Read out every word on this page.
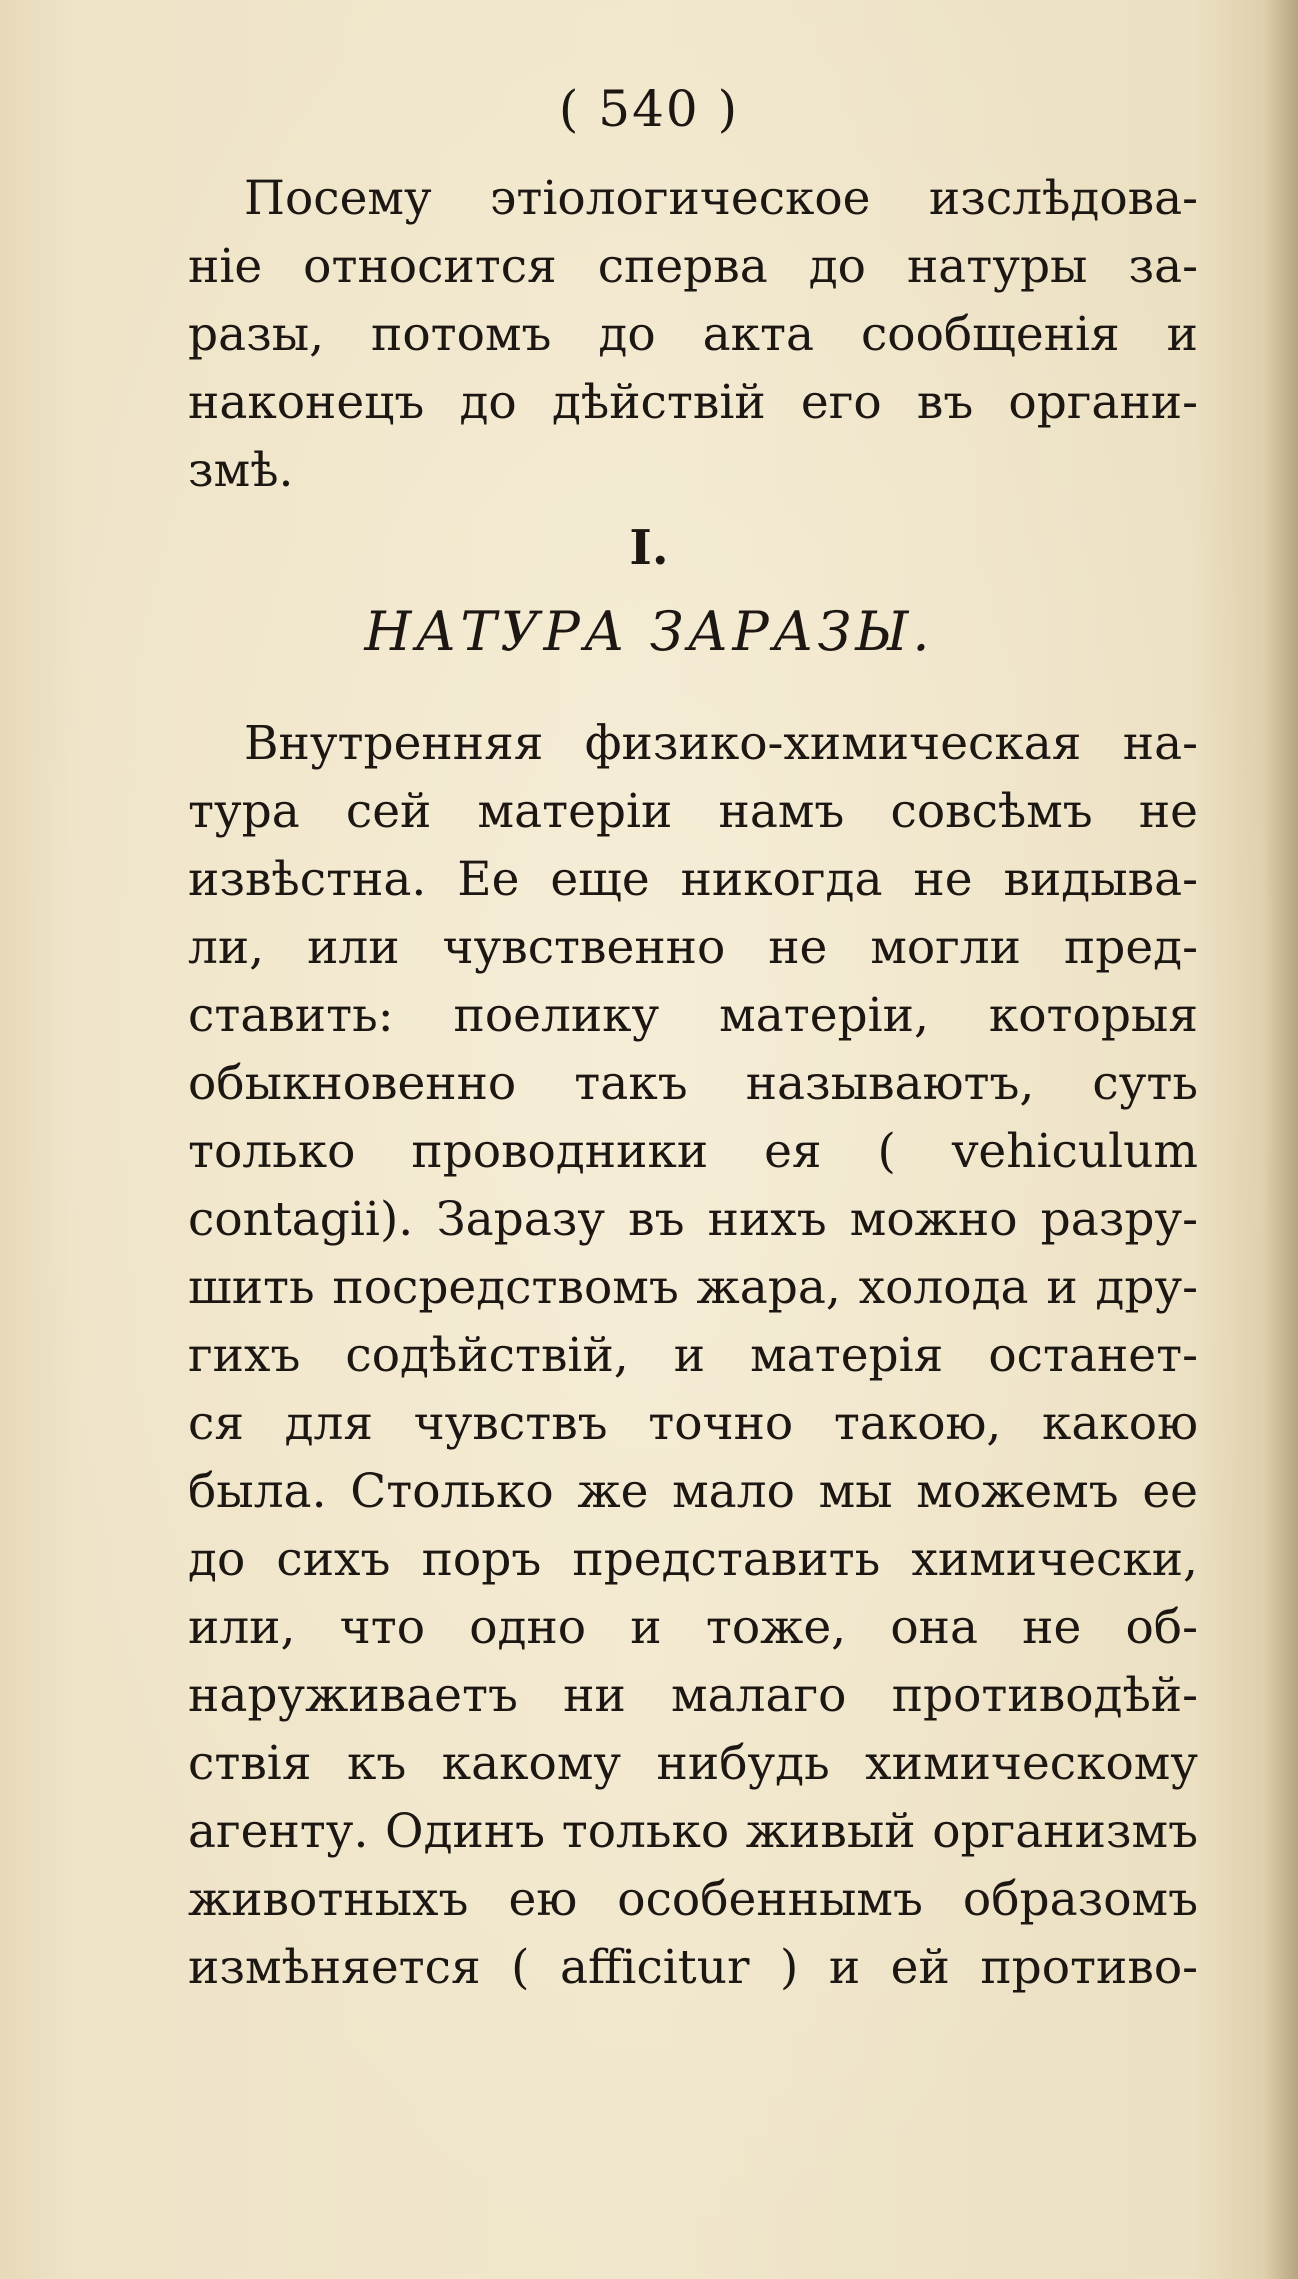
( 540 )
Посему этіологическое изслѣдова-
ніе относится сперва до натуры за-
разы, потомъ до акта сообщенія и
наконецъ до дѣйствій его въ органи-
змѣ.
I.
НАТУРА ЗАРАЗЫ.
Внутренняя физико-химическая на-
тура сей матеріи намъ совсѣмъ не
извѣстна. Ее еще никогда не видыва-
ли, или чувственно не могли пред-
ставить: поелику матеріи, которыя
обыкновенно такъ называютъ, суть
только проводники ея ( vehiculum
contagii). Заразу въ нихъ можно разру-
шить посредствомъ жара, холода и дру-
гихъ содѣйствій, и матерія останет-
ся для чувствъ точно такою, какою
была. Столько же мало мы можемъ ее
до сихъ поръ представить химически,
или, что одно и тоже, она не об-
наруживаетъ ни малаго противодѣй-
ствія къ какому нибудь химическому
агенту. Одинъ только живый организмъ
животныхъ ею особеннымъ образомъ
измѣняется ( afficitur ) и ей противо-
